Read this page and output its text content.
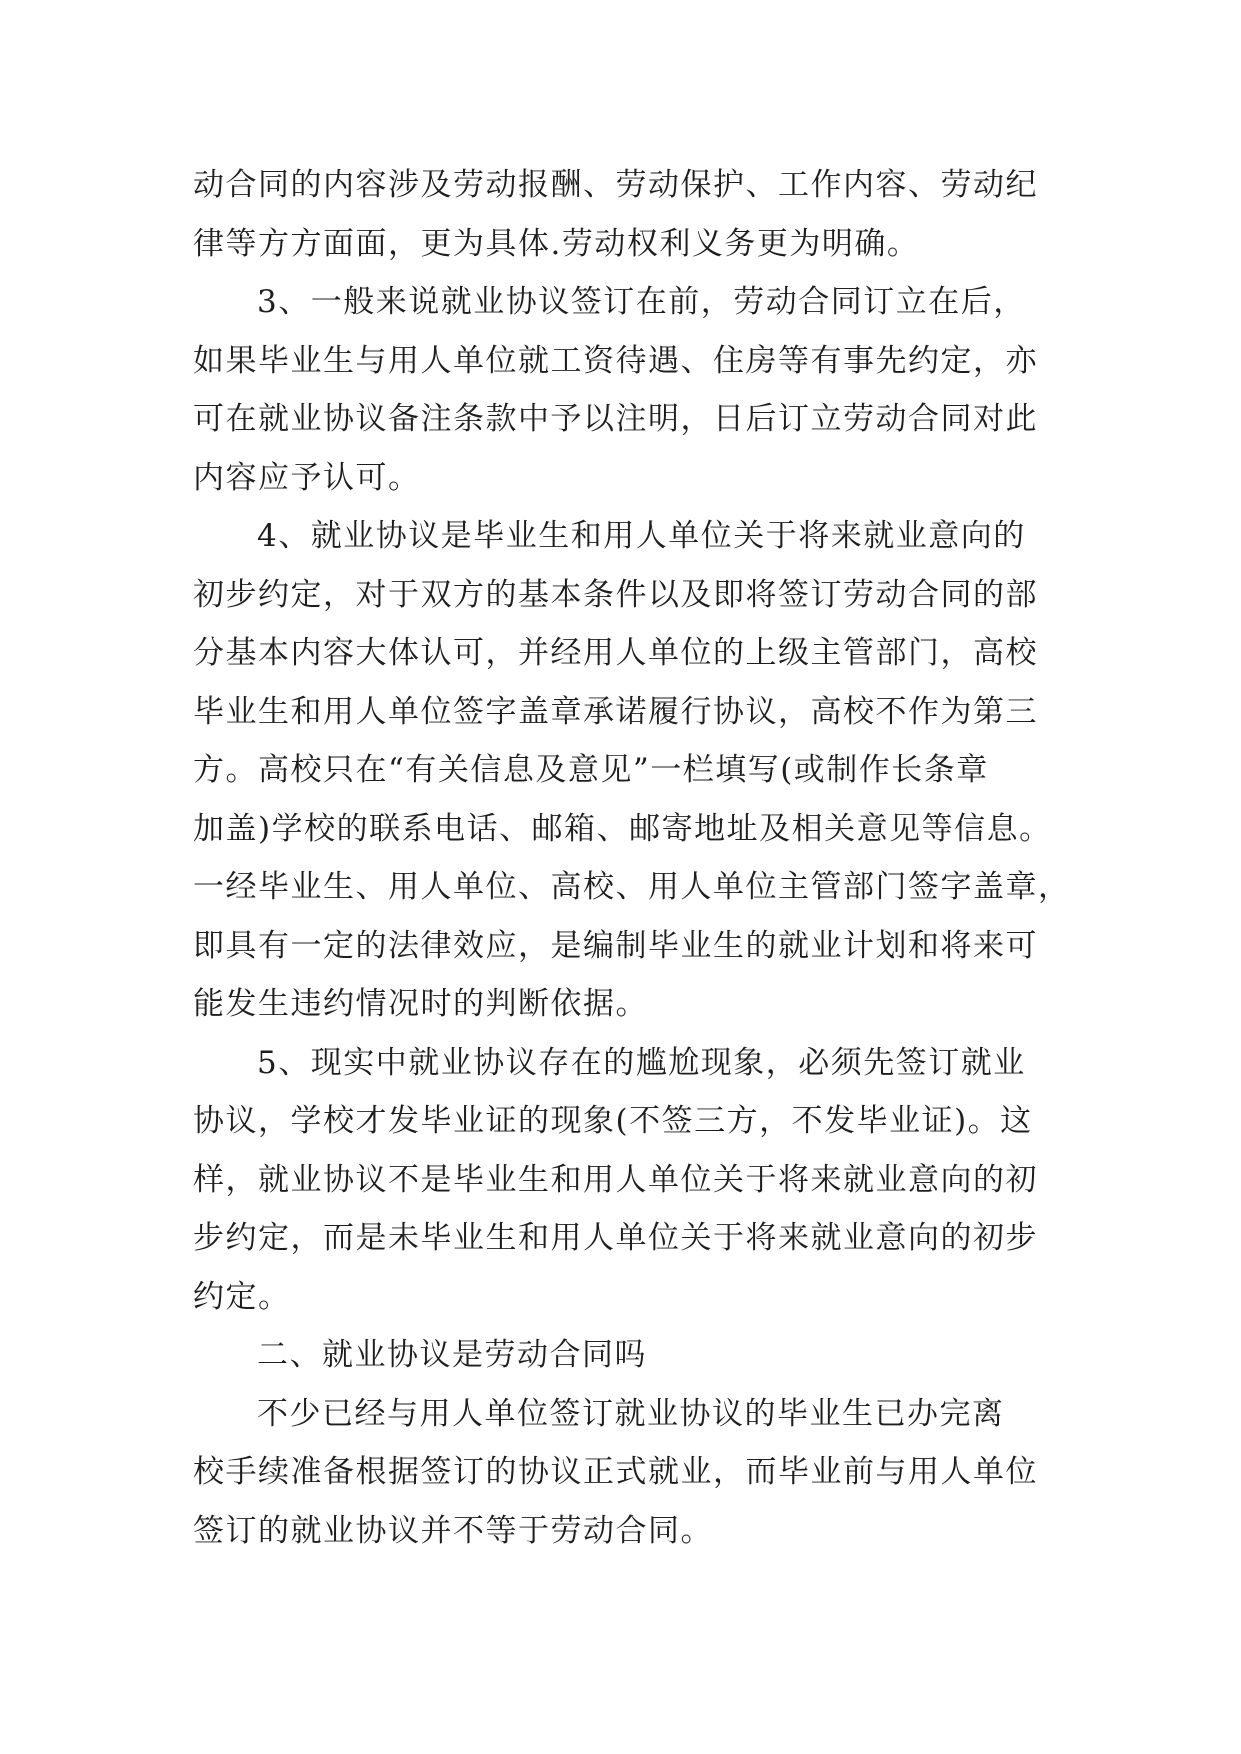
动合同的内容涉及劳动报酬、劳动保护、工作内容、劳动纪
律等方方面面，更为具体.劳动权利义务更为明确。
3、一般来说就业协议签订在前，劳动合同订立在后，
如果毕业生与用人单位就工资待遇、住房等有事先约定，亦
可在就业协议备注条款中予以注明，日后订立劳动合同对此
内容应予认可。
4、就业协议是毕业生和用人单位关于将来就业意向的
初步约定，对于双方的基本条件以及即将签订劳动合同的部
分基本内容大体认可，并经用人单位的上级主管部门，高校
毕业生和用人单位签字盖章承诺履行协议，高校不作为第三
方。高校只在“有关信息及意见”一栏填写(或制作长条章
加盖)学校的联系电话、邮箱、邮寄地址及相关意见等信息。
一经毕业生、用人单位、高校、用人单位主管部门签字盖章，
即具有一定的法律效应，是编制毕业生的就业计划和将来可
能发生违约情况时的判断依据。
5、现实中就业协议存在的尴尬现象，必须先签订就业
协议，学校才发毕业证的现象(不签三方，不发毕业证)。这
样，就业协议不是毕业生和用人单位关于将来就业意向的初
步约定，而是未毕业生和用人单位关于将来就业意向的初步
约定。
二、就业协议是劳动合同吗
不少已经与用人单位签订就业协议的毕业生已办完离
校手续准备根据签订的协议正式就业，而毕业前与用人单位
签订的就业协议并不等于劳动合同。
